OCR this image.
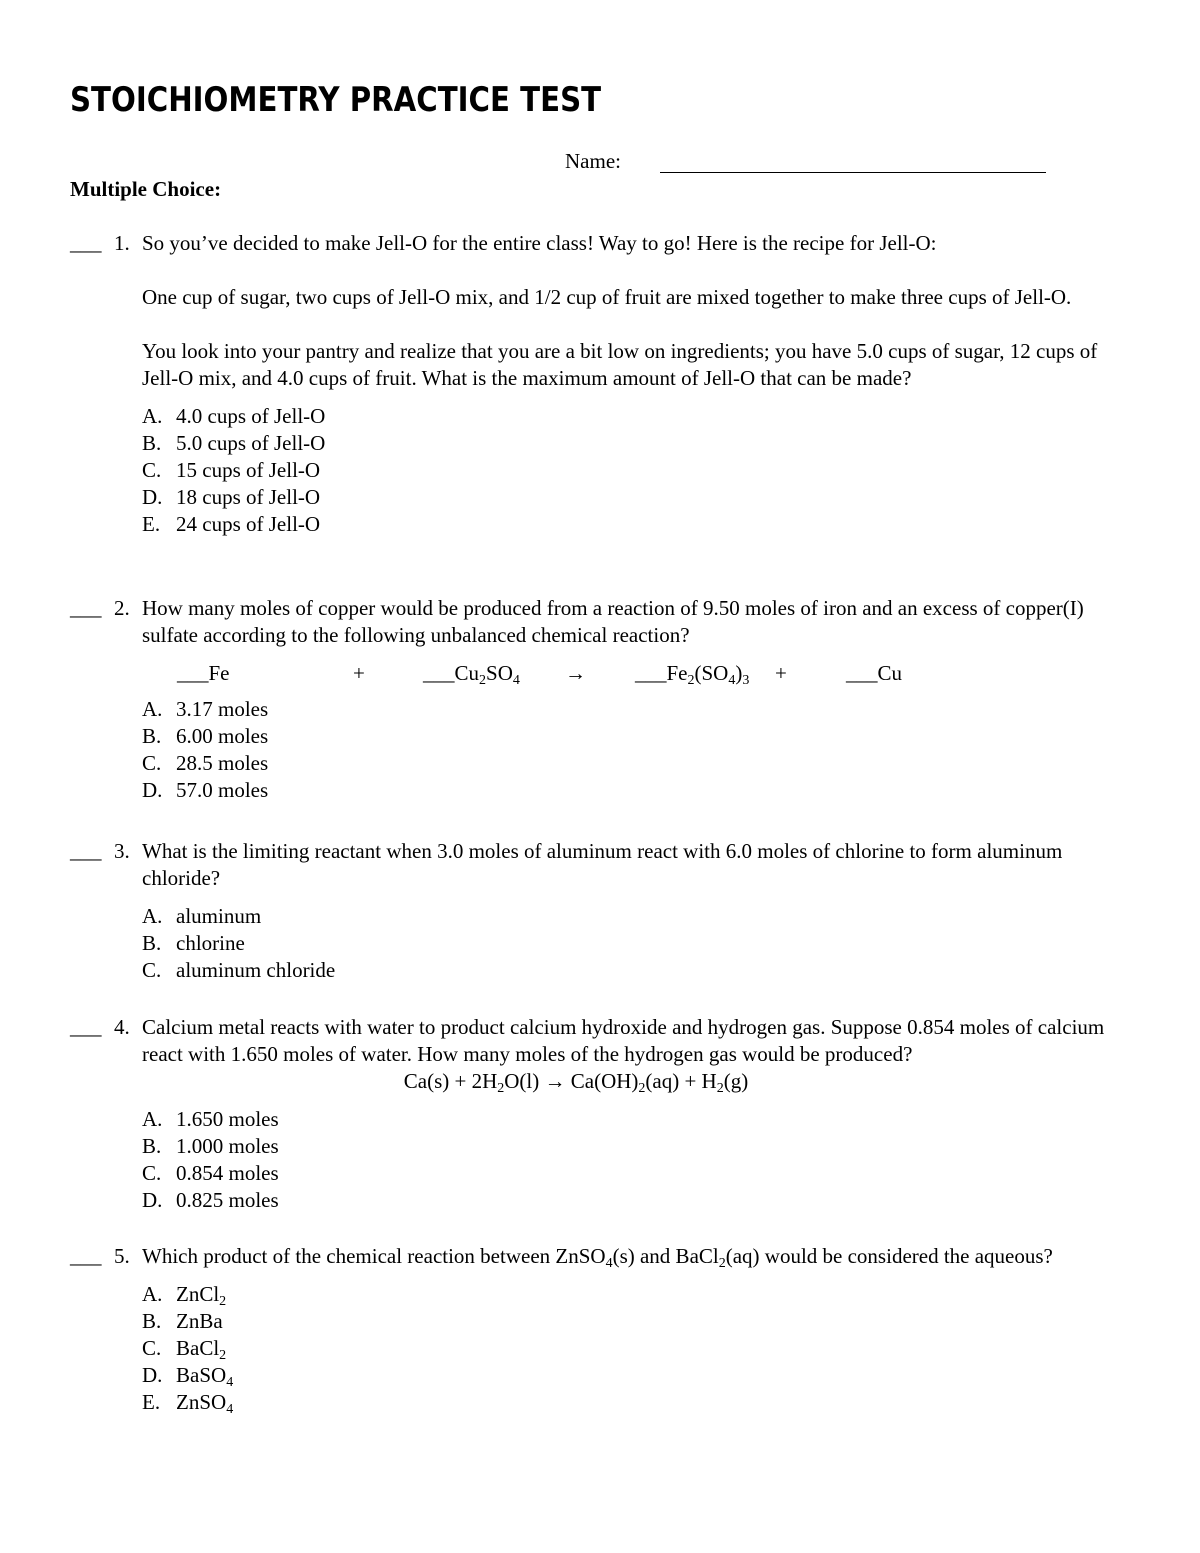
STOICHIOMETRY PRACTICE TEST
Name:
Multiple Choice:
___ 1. So you’ve decided to make Jell-O for the entire class! Way to go! Here is the recipe for Jell-O:
One cup of sugar, two cups of Jell-O mix, and 1/2 cup of fruit are mixed together to make three cups of Jell-O.
You look into your pantry and realize that you are a bit low on ingredients; you have 5.0 cups of sugar, 12 cups of Jell-O mix, and 4.0 cups of fruit. What is the maximum amount of Jell-O that can be made?
A. 4.0 cups of Jell-O
B. 5.0 cups of Jell-O
C. 15 cups of Jell-O
D. 18 cups of Jell-O
E. 24 cups of Jell-O
___ 2. How many moles of copper would be produced from a reaction of 9.50 moles of iron and an excess of copper(I) sulfate according to the following unbalanced chemical reaction?
___Fe	+	$\_\_\_Cu_2SO_4$ → $\_\_\_Fe_2(SO_4)_3$ +	___Cu
A. 3.17 moles
B. 6.00 moles
C. 28.5 moles
D. 57.0 moles
___ 3. What is the limiting reactant when 3.0 moles of aluminum react with 6.0 moles of chlorine to form aluminum chloride?
A. aluminum
B. chlorine
C. aluminum chloride
___ 4. Calcium metal reacts with water to product calcium hydroxide and hydrogen gas. Suppose 0.854 moles of calcium react with 1.650 moles of water. How many moles of the hydrogen gas would be produced?
$Ca(s) + 2H_2O(l) \to Ca(OH)_2(aq) + H_2(g)$
A. 1.650 moles
B. 1.000 moles
C. 0.854 moles
D. 0.825 moles
___ 5. Which product of the chemical reaction between ZnSO$_4$(s) and BaCl$_2$(aq) would be considered the aqueous?
A. ZnCl$_2$
B. ZnBa
C. BaCl$_2$
D. BaSO$_4$
E. ZnSO$_4$
